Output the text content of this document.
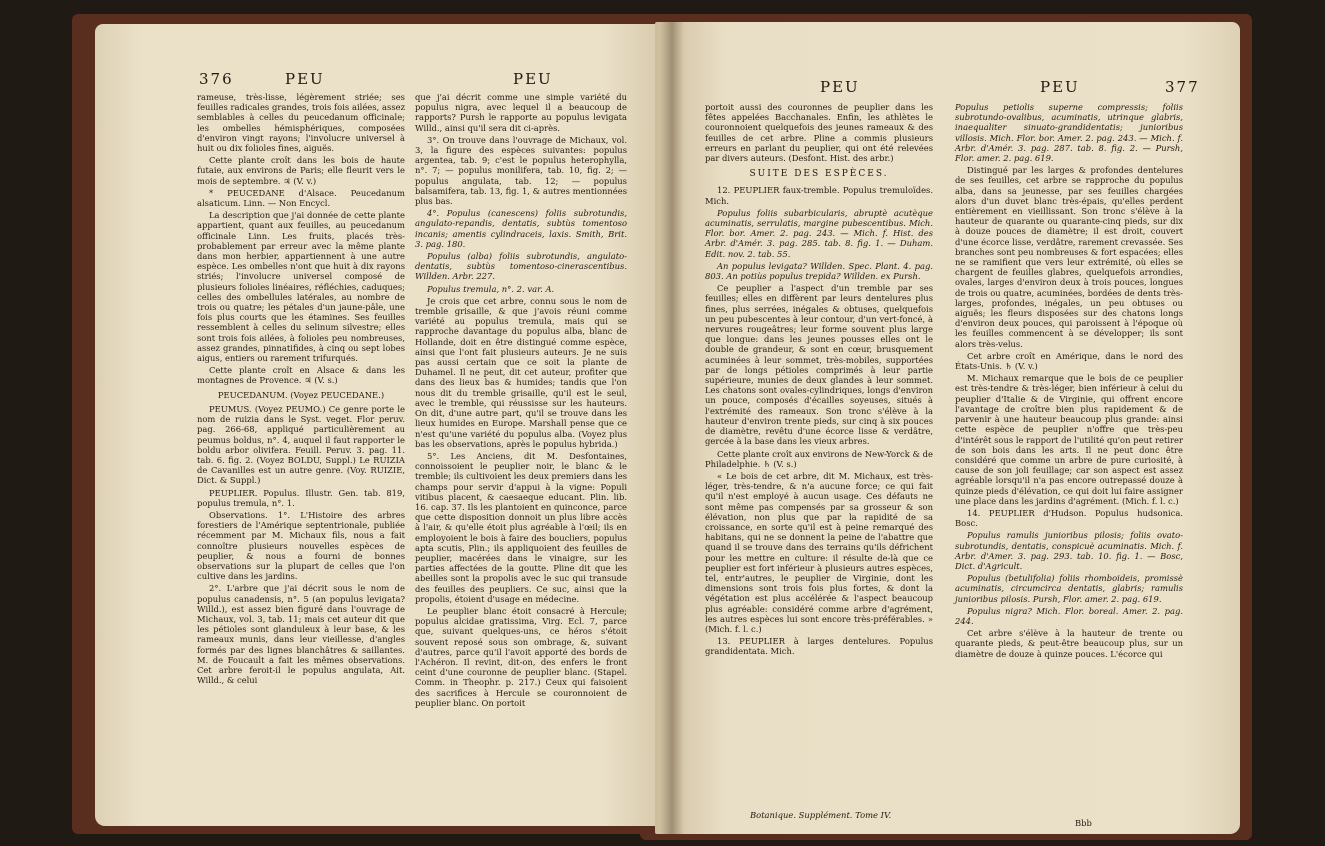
376	PEU	PEU

rameuse, très-lisse, légèrement striée; ses feuilles radicales grandes, trois fois ailées, assez semblables à celles du peucedanum officinale; les ombelles hémisphériques, composées d'environ vingt rayons; l'involucre universel à huit ou dix folioles fines, aiguës.

Cette plante croît dans les bois de haute futaie, aux environs de Paris; elle fleurit vers le mois de septembre. ♃ (V. v.)

* PEUCEDANE d'Alsace. Peucedanum alsaticum. Linn. — Non Encycl.

La description que j'ai donnée de cette plante appartient, quant aux feuilles, au peucedanum officinale Linn. Les fruits, placés très-probablement par erreur avec la même plante dans mon herbier, appartiennent à une autre espèce. Les ombelles n'ont que huit à dix rayons striés; l'involucre universel composé de plusieurs folioles linéaires, réfléchies, caduques; celles des ombellules latérales, au nombre de trois ou quatre; les pétales d'un jaune-pâle, une fois plus courts que les étamines. Ses feuilles ressemblent à celles du selinum silvestre; elles sont trois fois ailées, à folioles peu nombreuses, assez grandes, pinnatifides, à cinq ou sept lobes aigus, entiers ou rarement trifurqués.

Cette plante croît en Alsace & dans les montagnes de Provence. ♃ (V. s.)

PEUCEDANUM. (Voyez PEUCEDANE.)

PEUMUS. (Voyez PEUMO.) Ce genre porte le nom de ruizia dans le Syst. veget. Flor peruv. pag. 266-68, appliqué particulièrement au peumus boldus, n°. 4, auquel il faut rapporter le boldu arbor olivifera. Feuill. Peruv. 3. pag. 11. tab. 6. fig. 2. (Voyez BOLDU, Suppl.) Le RUIZIA de Cavanilles est un autre genre. (Voy. RUIZIE, Dict. & Suppl.)

PEUPLIER. Populus. Illustr. Gen. tab. 819, populus tremula, n°. 1.

Observations. 1°. L'Histoire des arbres forestiers de l'Amérique septentrionale, publiée récemment par M. Michaux fils, nous a fait connoître plusieurs nouvelles espèces de peuplier, & nous a fourni de bonnes observations sur la plupart de celles que l'on cultive dans les jardins.

2°. L'arbre que j'ai décrit sous le nom de populus canadensis, n°. 5 (an populus levigata? Willd.), est assez bien figuré dans l'ouvrage de Michaux, vol. 3, tab. 11; mais cet auteur dit que les pétioles sont glanduleux à leur base, & les rameaux munis, dans leur vieillesse, d'angles formés par des lignes blanchâtres & saillantes. M. de Foucault a fait les mêmes observations. Cet arbre feroit-il le populus angulata, Ait. Willd., & celui

que j'ai décrit comme une simple variété du populus nigra, avec lequel il a beaucoup de rapports? Pursh le rapporte au populus levigata Willd., ainsi qu'il sera dit ci-après.

3°. On trouve dans l'ouvrage de Michaux, vol. 3, la figure des espèces suivantes: populus argentea, tab. 9; c'est le populus heterophylla, n°. 7; — populus monilifera, tab. 10, fig. 2; — populus angulata, tab. 12; — populus balsamifera, tab. 13, fig. 1, & autres mentionnées plus bas.

4°. Populus (canescens) foliis subrotundis, angulato-repandis, dentatis, subtùs tomentoso incanis; amentis cylindraceis, laxis. Smith, Brit. 3. pag. 180.

Populus (alba) foliis subrotundis, angulato-dentatis, subtùs tomentoso-cinerascentibus. Willden. Arbr. 227.

Populus tremula, n°. 2. var. A.

Je crois que cet arbre, connu sous le nom de tremble grisaille, & que j'avois réuni comme variété au populus tremula, mais qui se rapproche davantage du populus alba, blanc de Hollande, doit en être distingué comme espèce, ainsi que l'ont fait plusieurs auteurs. Je ne suis pas aussi certain que ce soit la plante de Duhamel. Il ne peut, dit cet auteur, profiter que dans des lieux bas & humides; tandis que l'on nous dit du tremble grisaille, qu'il est le seul, avec le tremble, qui réussisse sur les hauteurs. On dit, d'une autre part, qu'il se trouve dans les lieux humides en Europe. Marshall pense que ce n'est qu'une variété du populus alba. (Voyez plus bas les observations, après le populus hybrida.)

5°. Les Anciens, dit M. Desfontaines, connoissoient le peuplier noir, le blanc & le tremble; ils cultivoient les deux premiers dans les champs pour servir d'appui à la vigne: Populi vitibus placent, & caesaeque educant. Plin. lib. 16. cap. 37. Ils les plantoient en quinconce, parce que cette disposition donnoit un plus libre accès à l'air, & qu'elle étoit plus agréable à l'œil; ils en employoient le bois à faire des boucliers, populus apta scutis, Plin.; ils appliquoient des feuilles de peuplier, macérées dans le vinaigre, sur les parties affectées de la goutte. Pline dit que les abeilles sont la propolis avec le suc qui transude des feuilles des peupliers. Ce suc, ainsi que la propolis, étoient d'usage en médecine.

Le peuplier blanc étoit consacré à Hercule; populus alcidae gratissima, Virg. Ecl. 7, parce que, suivant quelques-uns, ce héros s'étoit souvent reposé sous son ombrage, &, suivant d'autres, parce qu'il l'avoit apporté des bords de l'Achéron. Il revint, dit-on, des enfers le front ceint d'une couronne de peuplier blanc. (Stapel. Comm. in Theophr. p. 217.) Ceux qui faisoient des sacrifices à Hercule se couronnoient de peuplier blanc. On portoit

PEU	PEU	377

portoit aussi des couronnes de peuplier dans les fêtes appelées Bacchanales. Enfin, les athlètes le couronnoient quelquefois des jeunes rameaux & des feuilles de cet arbre. Pline a commis plusieurs erreurs en parlant du peuplier, qui ont été relevées par divers auteurs. (Desfont. Hist. des arbr.)

SUITE DES ESPÈCES.

12. PEUPLIER faux-tremble. Populus tremuloïdes. Mich.

Populus foliis subarbicularis, abruptè acutèque acuminatis, serrulatis, margine pubescentibus. Mich. Flor. bor. Amer. 2. pag. 243. — Mich. f. Hist. des Arbr. d'Amér. 3. pag. 285. tab. 8. fig. 1. — Duham. Edit. nov. 2. tab. 55.

An populus levigata? Willden. Spec. Plant. 4. pag. 803. An potiùs populus trepida? Willden. ex Pursh.

Ce peuplier a l'aspect d'un tremble par ses feuilles; elles en diffèrent par leurs dentelures plus fines, plus serrées, inégales & obtuses, quelquefois un peu pubescentes à leur contour, d'un vert-foncé, à nervures rougeâtres; leur forme souvent plus large que longue: dans les jeunes pousses elles ont le double de grandeur, & sont en cœur, brusquement acuminées à leur sommet, très-mobiles, supportées par de longs pétioles comprimés à leur partie supérieure, munies de deux glandes à leur sommet. Les chatons sont ovales-cylindriques, longs d'environ un pouce, composés d'écailles soyeuses, situés à l'extrémité des rameaux. Son tronc s'élève à la hauteur d'environ trente pieds, sur cinq à six pouces de diamètre, revêtu d'une écorce lisse & verdâtre, gercée à la base dans les vieux arbres.

Cette plante croît aux environs de New-Yorck & de Philadelphie. ♄ (V. s.)

« Le bois de cet arbre, dit M. Michaux, est très-léger, très-tendre, & n'a aucune force; ce qui fait qu'il n'est employé à aucun usage. Ces défauts ne sont même pas compensés par sa grosseur & son élévation, non plus que par la rapidité de sa croissance, en sorte qu'il est à peine remarqué des habitans, qui ne se donnent la peine de l'abattre que quand il se trouve dans des terrains qu'ils défrichent pour les mettre en culture: il résulte de-là que ce peuplier est fort inférieur à plusieurs autres espèces, tel, entr'autres, le peuplier de Virginie, dont les dimensions sont trois fois plus fortes, & dont la végétation est plus accélérée & l'aspect beaucoup plus agréable: considéré comme arbre d'agrément, les autres espèces lui sont encore très-préférables. » (Mich. f. l. c.)

13. PEUPLIER à larges dentelures. Populus grandidentata. Mich.

Populus petiolis superne compressis; foliis subrotundo-ovalibus, acuminatis, utrinque glabris, inaequaliter sinuato-grandidentatis; junioribus villosis. Mich. Flor. bor. Amer. 2. pag. 243. — Mich. f. Arbr. d'Amér. 3. pag. 287. tab. 8. fig. 2. — Pursh, Flor. amer. 2. pag. 619.

Distingué par les larges & profondes dentelures de ses feuilles, cet arbre se rapproche du populus alba, dans sa jeunesse, par ses feuilles chargées alors d'un duvet blanc très-épais, qu'elles perdent entièrement en vieillissant. Son tronc s'élève à la hauteur de quarante ou quarante-cinq pieds, sur dix à douze pouces de diamètre; il est droit, couvert d'une écorce lisse, verdâtre, rarement crevassée. Ses branches sont peu nombreuses & fort espacées; elles ne se ramifient que vers leur extrémité, où elles se chargent de feuilles glabres, quelquefois arrondies, ovales, larges d'environ deux à trois pouces, longues de trois ou quatre, acuminées, bordées de dents très-larges, profondes, inégales, un peu obtuses ou aiguës; les fleurs disposées sur des chatons longs d'environ deux pouces, qui paroissent à l'époque où les feuilles commencent à se développer; ils sont alors très-velus.

Cet arbre croît en Amérique, dans le nord des États-Unis. ♄ (V. v.)

M. Michaux remarque que le bois de ce peuplier est très-tendre & très-léger, bien inférieur à celui du peuplier d'Italie & de Virginie, qui offrent encore l'avantage de croître bien plus rapidement & de parvenir à une hauteur beaucoup plus grande: ainsi cette espèce de peuplier n'offre que très-peu d'intérêt sous le rapport de l'utilité qu'on peut retirer de son bois dans les arts. Il ne peut donc être considéré que comme un arbre de pure curiosité, à cause de son joli feuillage; car son aspect est assez agréable lorsqu'il n'a pas encore outrepassé douze à quinze pieds d'élévation, ce qui doit lui faire assigner une place dans les jardins d'agrément. (Mich. f. l. c.)

14. PEUPLIER d'Hudson. Populus hudsonica. Bosc.

Populus ramulis junioribus pilosis; foliis ovato-subrotundis, dentatis, conspicuè acuminatis. Mich. f. Arbr. d'Amer. 3. pag. 293. tab. 10. fig. 1. — Bosc, Dict. d'Agricult.

Populus (betulifolia) foliis rhomboideis, promissè acuminatis, circumcirca dentatis, glabris; ramulis junioribus pilosis. Pursh, Flor. amer. 2. pag. 619.

Populus nigra? Mich. Flor. boreal. Amer. 2. pag. 244.

Cet arbre s'élève à la hauteur de trente ou quarante pieds, & peut-être beaucoup plus, sur un diamètre de douze à quinze pouces. L'écorce qui

Botanique. Supplément. Tome IV.
Bbb
